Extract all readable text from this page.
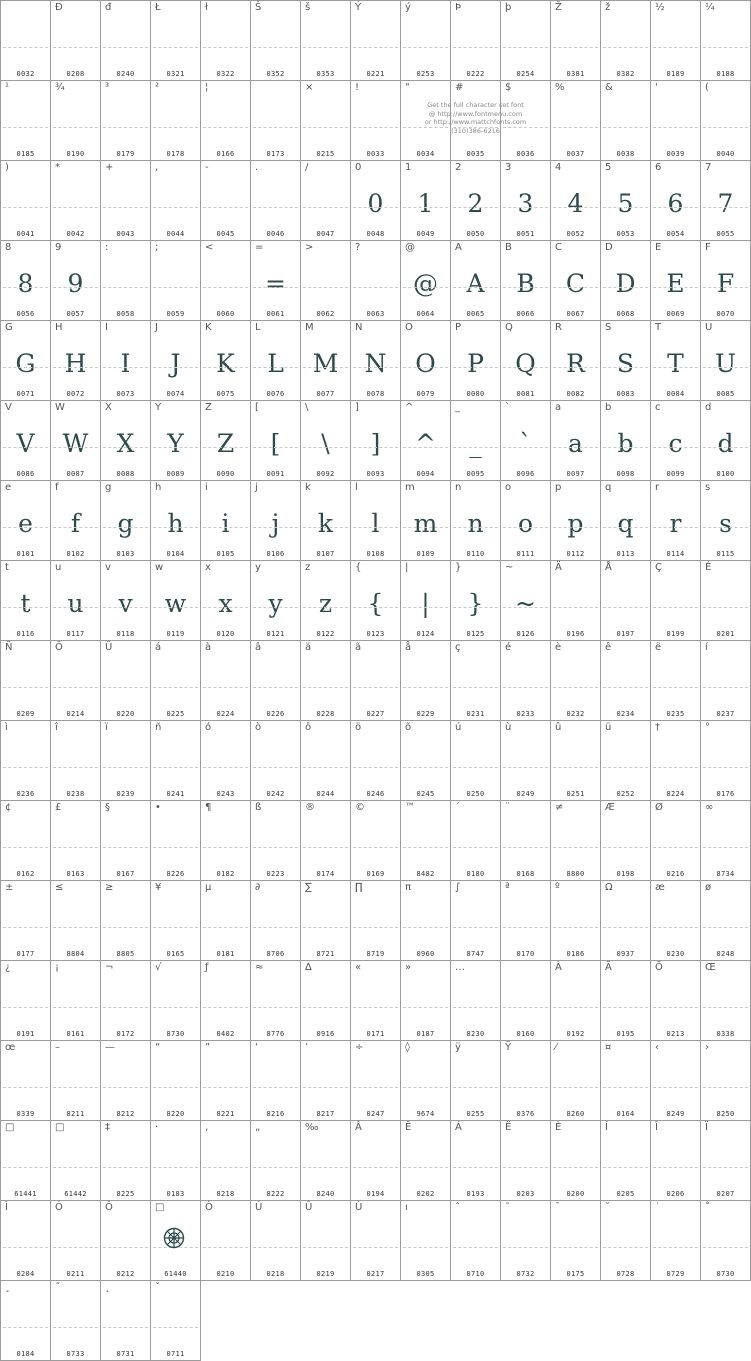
0032
Đ
0208
đ
0240
Ł
0321
ł
0322
Š
0352
š
0353
Ý
0221
ý
0253
Þ
0222
þ
0254
Ž
0381
ž
0382
½
0189
¼
0188
¹
0185
¾
0190
³
0179
²
0178
¦
0166	0173
×
0215
!
0033
"
0034
#
0035
$
0036
%
0037
&
0038
'
0039
(
0040
)
0041
*
0042
+
0043
,
0044
-
0045
.
0046
/
0047
0
0
0048
1
1
0049
2
2
0050
3
3
0051
4
4
0052
5
5
0053
6
6
0054
7
7
0055
8
8
0056
9
9
0057
:
0058
;
0059
<
0060
=
=
0061
>
0062
?
0063
@
@
0064
A
A
0065
B
B
0066
C
C
0067
D
D
0068
E
E
0069
F
F
0070
G
G
0071
H
H
0072
I
I
0073
J
J
0074
K
K
0075
L
L
0076
M
M
0077
N
N
0078
O
O
0079
P
P
0080
Q
Q
0081
R
R
0082
S
S
0083
T
T
0084
U
U
0085
V
V
0086
W
W
0087
X
X
0088
Y
Y
0089
Z
Z
0090
[
[
0091
\
\
0092
]
]
0093
^
^
0094
_
_
0095
`
`
0096
a
a
0097
b
b
0098
c
c
0099
d
d
0100
e
e
0101
f
f
0102
g
g
0103
h
h
0104
i
i
0105
j
j
0106
k
k
0107
l
l
0108
m
m
0109
n
n
0110
o
o
0111
p
p
0112
q
q
0113
r
r
0114
s
s
0115
t
t
0116
u
u
0117
v
v
0118
w
w
0119
x
x
0120
y
y
0121
z
z
0122
{
{
0123
|
|
0124
}
}
0125
~
~
0126
Ä
0196
Å
0197
Ç
0199
É
0201
Ñ
0209
Ö
0214
Ü
0220
á
0225
à
0224
â
0226
ä
0228
ã
0227
å
0229
ç
0231
é
0233
è
0232
ê
0234
ë
0235
í
0237
ì
0236
î
0238
ï
0239
ñ
0241
ó
0243
ò
0242
ô
0244
ö
0246
õ
0245
ú
0250
ù
0249
û
0251
ü
0252
†
8224
°
0176
¢
0162
£
0163
§
0167
•
8226
¶
0182
ß
0223
®
0174
©
0169
™
8482
´
0180
¨
0168
≠
8800
Æ
0198
Ø
0216
∞
8734
±
0177
≤
8804
≥
8805
¥
0165
µ
0181
∂
8706
∑
8721
∏
8719
π
0960
∫
8747
ª
0170
º
0186
Ω
0937
æ
0230
ø
0248
¿
0191
¡
0161
¬
0172
√
8730
ƒ
0402
≈
8776
∆
0916
«
0171
»
0187
…
8230	0160
À
0192
Ã
0195
Õ
0213
Œ
0338
œ
0339
–
8211
—
8212
“
8220
”
8221
‘
8216
’
8217
÷
0247
◊
9674
ÿ
0255
Ÿ
0376
⁄
8260
¤
0164
‹
8249
›
8250
□
61441
□
61442
‡
8225
·
0183
‚
8218
„
8222
‰
8240
Â
0194
Ê
0202
Á
0193
Ë
0203
È
0200
Í
0205
Î
0206
Ï
0207
Ì
0204
Ó
0211
Ô
0212
□
61440
Ò
0210
Ú
0218
Û
0219
Ù
0217
ı
0305
ˆ
0710
˜
0732
¯
0175
˘
0728
˙
0729
˚
0730
¸
0184
˝
0733
˛
0731
ˇ
0711
Get the full character set font
@ http://www.fontmenu.com
or http://www.mattchfonts.com
(310)386-6216
